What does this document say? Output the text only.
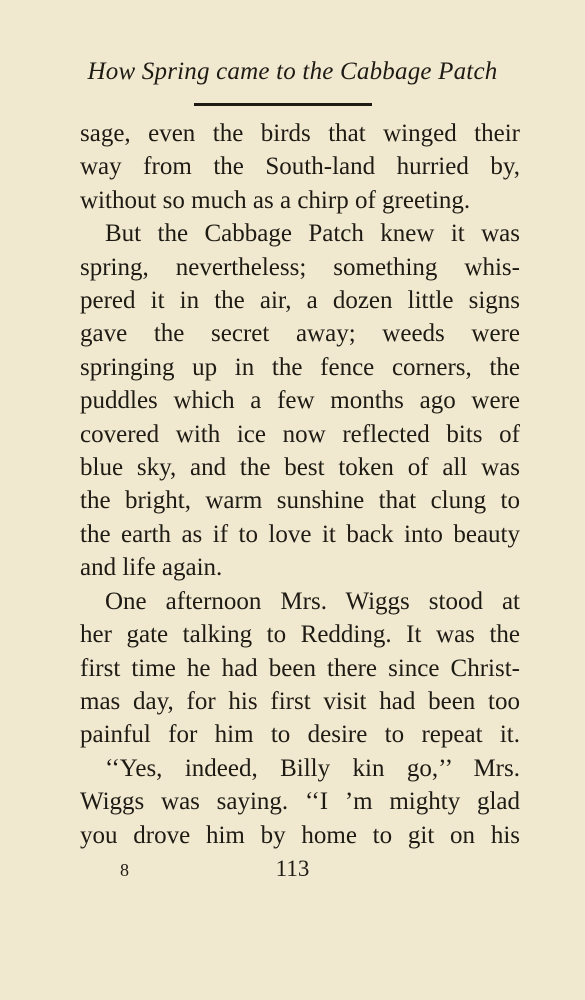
How Spring came to the Cabbage Patch
sage, even the birds that winged their
way from the South-land hurried by,
without so much as a chirp of greeting.
But the Cabbage Patch knew it was
spring, nevertheless; something whis-
pered it in the air, a dozen little signs
gave the secret away; weeds were
springing up in the fence corners, the
puddles which a few months ago were
covered with ice now reflected bits of
blue sky, and the best token of all was
the bright, warm sunshine that clung to
the earth as if to love it back into beauty
and life again.
One afternoon Mrs. Wiggs stood at
her gate talking to Redding. It was the
first time he had been there since Christ-
mas day, for his first visit had been too
painful for him to desire to repeat it.
‘‘Yes, indeed, Billy kin go,’’ Mrs.
Wiggs was saying. ‘‘I ’m mighty glad
you drove him by home to git on his
8	113
